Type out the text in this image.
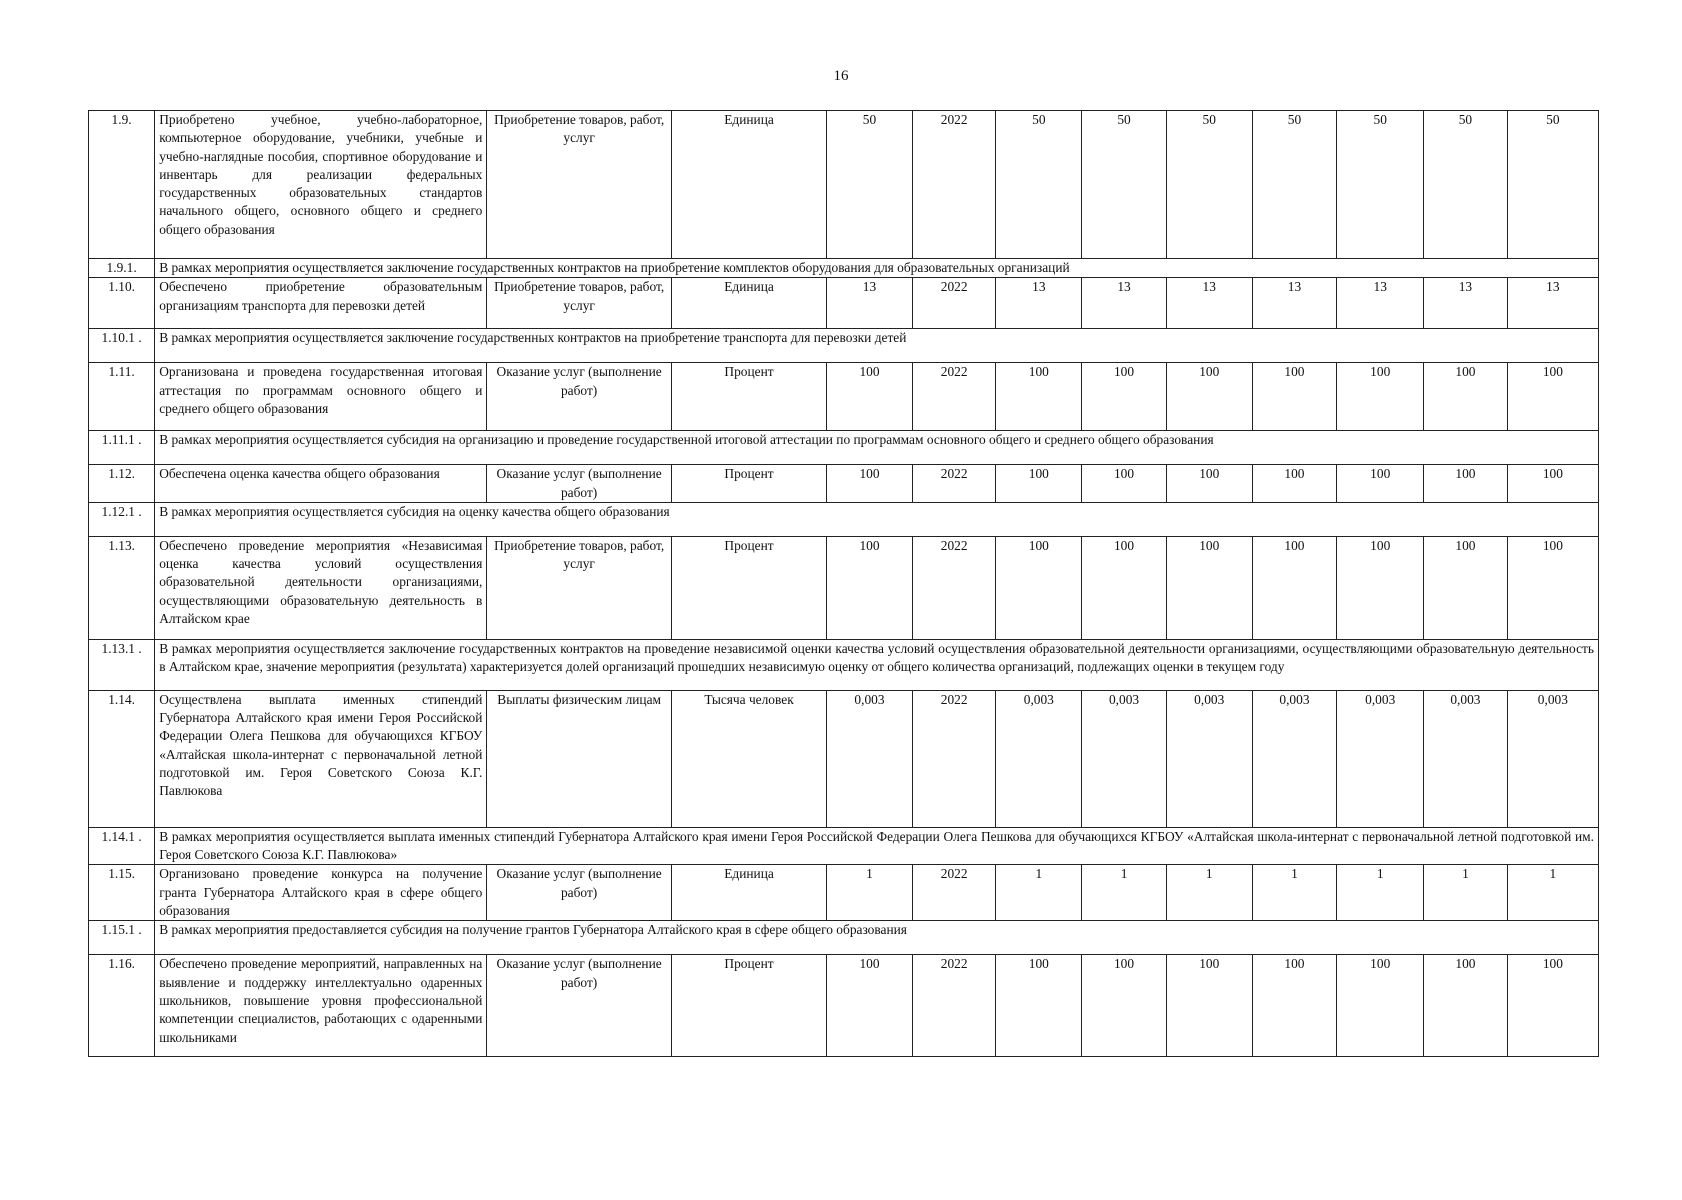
16
1.9.	Приобретено учебное, учебно-лабораторное, компьютерное оборудование, учебники, учебные и учебно-наглядные пособия, спортивное оборудование и инвентарь для реализации федеральных государственных образовательных стандартов начального общего, основного общего и среднего общего образования	Приобретение товаров, работ, услуг	Единица	50	2022	50	50	50	50	50	50	50
1.9.1.	В рамках мероприятия осуществляется заключение государственных контрактов на приобретение комплектов оборудования для образовательных организаций											
1.10.	Обеспечено приобретение образовательным организациям транспорта для перевозки детей	Приобретение товаров, работ, услуг	Единица	13	2022	13	13	13	13	13	13	13
1.10.1 .	В рамках мероприятия осуществляется заключение государственных контрактов на приобретение транспорта для перевозки детей											
1.11.	Организована и проведена государственная итоговая аттестация по программам основного общего и среднего общего образования	Оказание услуг (выполнение работ)	Процент	100	2022	100	100	100	100	100	100	100
1.11.1 .	В рамках мероприятия осуществляется субсидия на организацию и проведение государственной итоговой аттестации по программам основного общего и среднего общего образования											
1.12.	Обеспечена оценка качества общего образования	Оказание услуг (выполнение работ)	Процент	100	2022	100	100	100	100	100	100	100
1.12.1 .	В рамках мероприятия осуществляется субсидия на оценку качества общего образования											
1.13.	Обеспечено проведение мероприятия «Независимая оценка качества условий осуществления образовательной деятельности организациями, осуществляющими образовательную деятельность в Алтайском крае	Приобретение товаров, работ, услуг	Процент	100	2022	100	100	100	100	100	100	100
1.13.1 .	В рамках мероприятия осуществляется заключение государственных контрактов на проведение независимой оценки качества условий осуществления образовательной деятельности организациями, осуществляющими образовательную деятельность в Алтайском крае, значение мероприятия (результата) характеризуется долей организаций прошедших независимую оценку от общего количества организаций, подлежащих оценки в текущем году											
1.14.	Осуществлена выплата именных стипендий Губернатора Алтайского края имени Героя Российской Федерации Олега Пешкова для обучающихся КГБОУ «Алтайская школа-интернат с первоначальной летной подготовкой им. Героя Советского Союза К.Г. Павлюкова	Выплаты физическим лицам	Тысяча человек	0,003	2022	0,003	0,003	0,003	0,003	0,003	0,003	0,003
1.14.1 .	В рамках мероприятия осуществляется выплата именных стипендий Губернатора Алтайского края имени Героя Российской Федерации Олега Пешкова для обучающихся КГБОУ «Алтайская школа-интернат с первоначальной летной подготовкой им. Героя Советского Союза К.Г. Павлюкова»											
1.15.	Организовано проведение конкурса на получение гранта Губернатора Алтайского края в сфере общего образования	Оказание услуг (выполнение работ)	Единица	1	2022	1	1	1	1	1	1	1
1.15.1 .	В рамках мероприятия предоставляется субсидия на получение грантов Губернатора Алтайского края в сфере общего образования											
1.16.	Обеспечено проведение мероприятий, направленных на выявление и поддержку интеллектуально одаренных школьников, повышение уровня профессиональной компетенции специалистов, работающих с одаренными школьниками	Оказание услуг (выполнение работ)	Процент	100	2022	100	100	100	100	100	100	100
